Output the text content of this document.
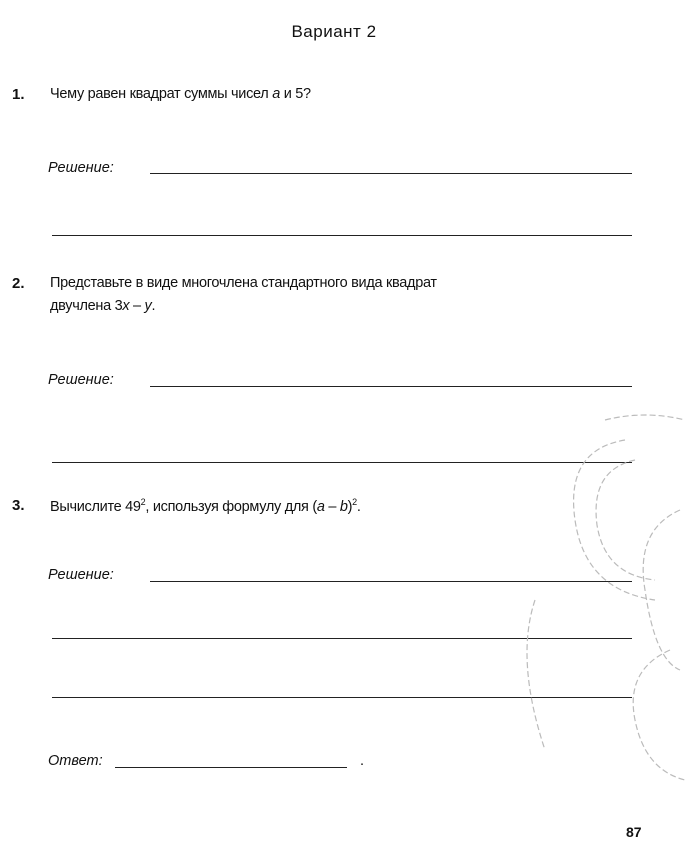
Вариант 2
1. Чему равен квадрат суммы чисел a и 5?
Решение:
2. Представьте в виде многочлена стандартного вида квадрат
двучлена 3x – y.
Решение:
3. Вычислите $49^2$, используя формулу для (a – b)$^2$.
Решение:
Ответ:	.
87
